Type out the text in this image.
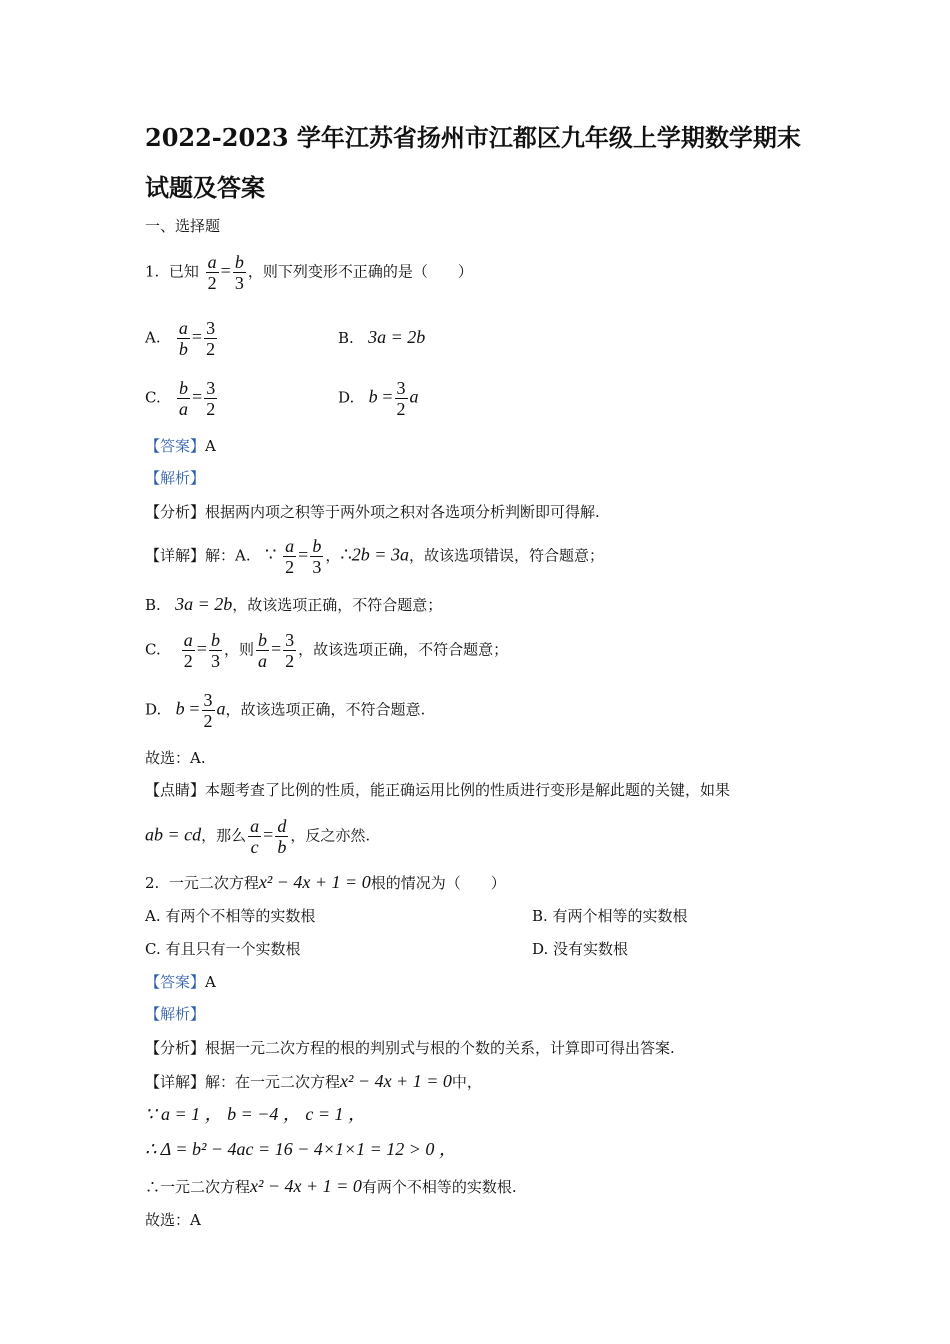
2022-2023 学年江苏省扬州市江都区九年级上学期数学期末
试题及答案
一、选择题
1. 已知 $\frac{a}{2} = \frac{b}{3}$ ，则下列变形不正确的是（　　）
A. $\frac{a}{b} = \frac{3}{2}$	B. 3a = 2b
C. $\frac{b}{a} = \frac{3}{2}$	D. $b = \frac{3}{2}$ a
【答案】A
【解析】
【分析】根据两内项之积等于两外项之积对各选项分析判断即可得解.
【详解】解：A. ∵ $\frac{a}{2} = \frac{b}{3}$ ，∴2b = 3a，故该选项错误，符合题意；
B. 3a = 2b，故该选项正确，不符合题意；
C. $\frac{a}{2} = \frac{b}{3}$ ，则 $\frac{b}{a} = \frac{3}{2}$ ，故该选项正确，不符合题意；
D. $b = \frac{3}{2}$ a，故该选项正确，不符合题意.
故选：A.
【点睛】本题考查了比例的性质，能正确运用比例的性质进行变形是解此题的关键，如果
ab = cd，那么 $\frac{a}{c} = \frac{d}{b}$ ，反之亦然.
2. 一元二次方程x² − 4x + 1 = 0根的情况为（　　）
A. 有两个不相等的实数根	B. 有两个相等的实数根
C. 有且只有一个实数根	D. 没有实数根
【答案】A
【解析】
【分析】根据一元二次方程的根的判别式与根的个数的关系，计算即可得出答案.
【详解】解：在一元二次方程x² − 4x + 1 = 0中，
∵ a = 1 ， b = −4 ， c = 1 ，
∴ Δ = b² − 4ac = 16 − 4×1×1 = 12 > 0 ，
∴一元二次方程x² − 4x + 1 = 0有两个不相等的实数根.
故选：A
